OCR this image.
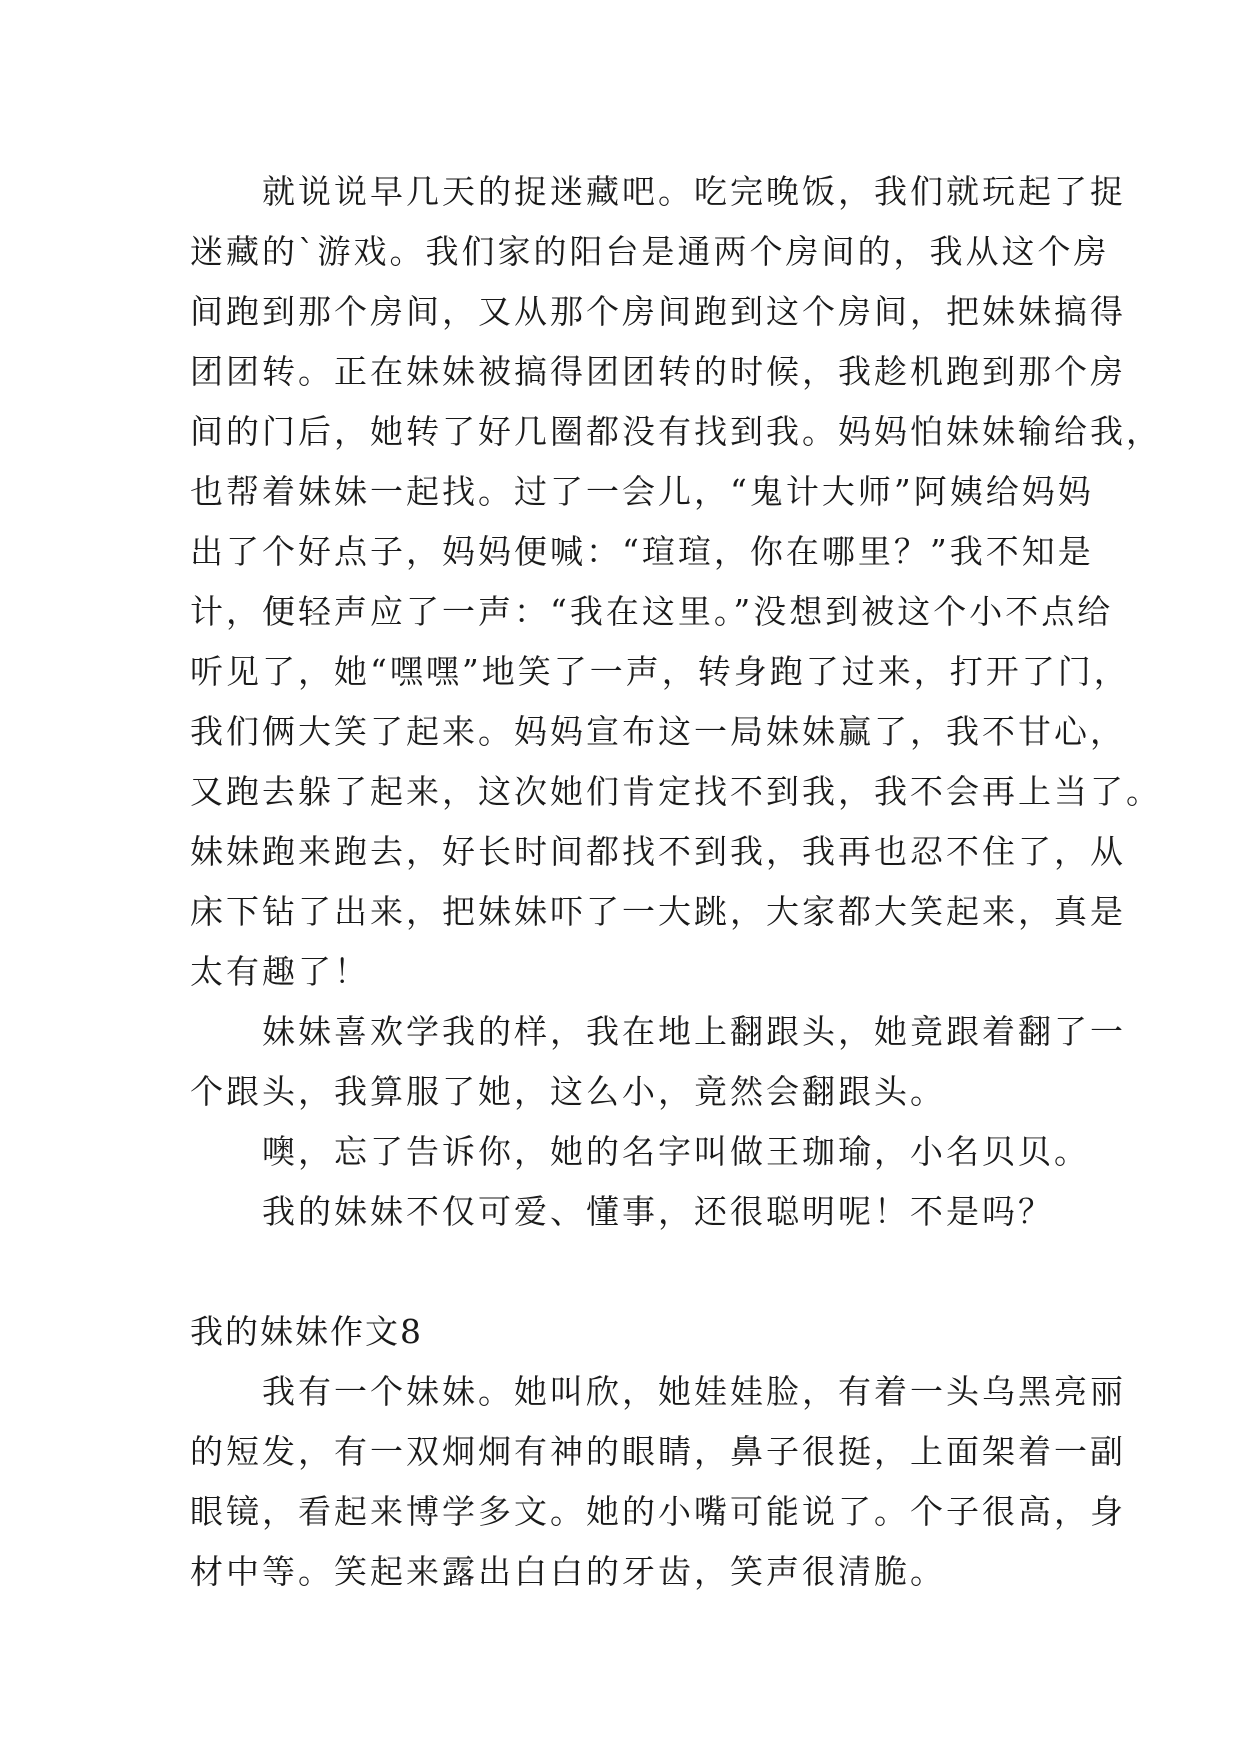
　　就说说早几天的捉迷藏吧。吃完晚饭，我们就玩起了捉
迷藏的`游戏。我们家的阳台是通两个房间的，我从这个房
间跑到那个房间，又从那个房间跑到这个房间，把妹妹搞得
团团转。正在妹妹被搞得团团转的时候，我趁机跑到那个房
间的门后，她转了好几圈都没有找到我。妈妈怕妹妹输给我，
也帮着妹妹一起找。过了一会儿，“鬼计大师”阿姨给妈妈
出了个好点子，妈妈便喊：“瑄瑄，你在哪里？”我不知是
计，便轻声应了一声：“我在这里。”没想到被这个小不点给
听见了，她“嘿嘿”地笑了一声，转身跑了过来，打开了门，
我们俩大笑了起来。妈妈宣布这一局妹妹赢了，我不甘心，
又跑去躲了起来，这次她们肯定找不到我，我不会再上当了。
妹妹跑来跑去，好长时间都找不到我，我再也忍不住了，从
床下钻了出来，把妹妹吓了一大跳，大家都大笑起来，真是
太有趣了！
　　妹妹喜欢学我的样，我在地上翻跟头，她竟跟着翻了一
个跟头，我算服了她，这么小，竟然会翻跟头。
　　噢，忘了告诉你，她的名字叫做王珈瑜，小名贝贝。
　　我的妹妹不仅可爱、懂事，还很聪明呢！不是吗？
我的妹妹作文8
　　我有一个妹妹。她叫欣，她娃娃脸，有着一头乌黑亮丽
的短发，有一双炯炯有神的眼睛，鼻子很挺，上面架着一副
眼镜，看起来博学多文。她的小嘴可能说了。个子很高，身
材中等。笑起来露出白白的牙齿，笑声很清脆。
